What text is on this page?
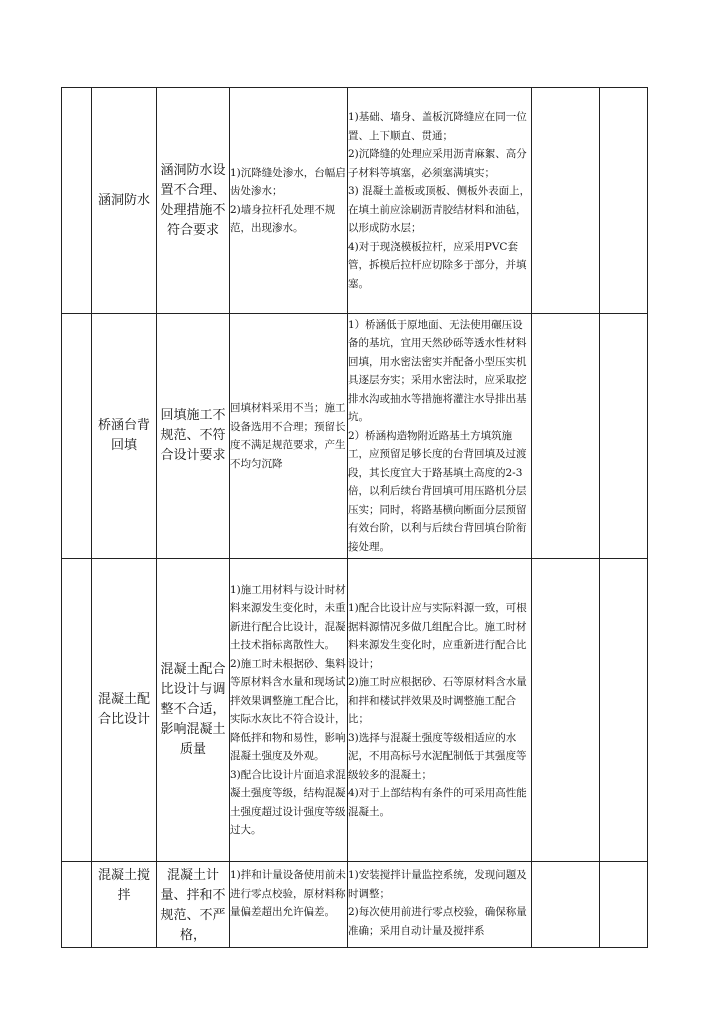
	涵洞防水	涵洞防水设置不合理、处理措施不符合要求	1)沉降缝处渗水，台幅启齿处渗水；
2)墙身拉杆孔处理不规范，出现渗水。	1)基础、墙身、盖板沉降缝应在同一位置、上下顺直、贯通；
2)沉降缝的处理应采用沥青麻絮、高分子材料等填塞，必须塞满填实；
3) 混凝土盖板或顶板、侧板外表面上，在填土前应涂刷沥青胶结材料和油毡，以形成防水层；
4)对于现浇模板拉杆，应采用PVC套管，拆模后拉杆应切除多于部分，并填塞。		

	桥涵台背回填	回填施工不规范、不符合设计要求	回填材料采用不当；施工设备选用不合理；预留长度不满足规范要求，产生不均匀沉降	1）桥涵低于原地面、无法使用碾压设备的基坑，宜用天然砂砾等透水性材料回填，用水密法密实并配备小型压实机具逐层夯实；采用水密法时，应采取挖排水沟或抽水等措施将灌注水导排出基坑。
2）桥涵构造物附近路基土方填筑施工，应预留足够长度的台背回填及过渡段，其长度宜大于路基填土高度的2-3倍，以利后续台背回填可用压路机分层压实；同时，将路基横向断面分层预留有效台阶，以利与后续台背回填台阶衔接处理。		

	混凝土配合比设计	混凝土配合比设计与调整不合适，影响混凝土质量	1)施工用材料与设计时材料来源发生变化时，未重新进行配合比设计，混凝土技术指标离散性大。
2)施工时未根据砂、集料等原材料含水量和现场试拌效果调整施工配合比，实际水灰比不符合设计，降低拌和物和易性，影响混凝土强度及外观。
3)配合比设计片面追求混凝土强度等级，结构混凝土强度超过设计强度等级过大。	1)配合比设计应与实际料源一致，可根据料源情况多做几组配合比。施工时材料来源发生变化时，应重新进行配合比设计；
2)施工时应根据砂、石等原材料含水量和拌和楼试拌效果及时调整施工配合比；
3)选择与混凝土强度等级相适应的水泥，不用高标号水泥配制低于其强度等级较多的混凝土；
4)对于上部结构有条件的可采用高性能混凝土。		

	混凝土搅拌	混凝土计量、拌和不规范、不严格，	1)拌和计量设备使用前未进行零点校验，原材料称量偏差超出允许偏差。	1)安装搅拌计量监控系统，发现问题及时调整；
2)每次使用前进行零点校验，确保称量准确；采用自动计量及搅拌系		
